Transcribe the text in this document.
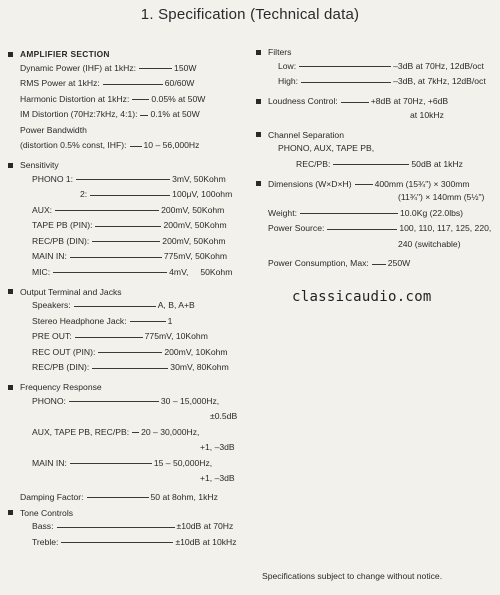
1. Specification (Technical data)
AMPLIFIER SECTION
Dynamic Power (IHF) at 1kHz:	150W
RMS Power at 1kHz:	60/60W
Harmonic Distortion at 1kHz:	0.05% at 50W
IM Distortion (70Hz:7kHz, 4:1): 0.1% at 50W
Power Bandwidth
(distortion 0.5% const, IHF): 10 – 56,000Hz
Sensitivity
PHONO 1:	3mV, 50Kohm
2:	100μV, 100ohm
AUX:	200mV, 50Kohm
TAPE PB (PIN):	200mV, 50Kohm
REC/PB (DIN):	200mV, 50Kohm
MAIN IN:	775mV, 50Kohm
MIC:	4mV,     50Kohm
Output Terminal and Jacks
Speakers:	A, B, A+B
Stereo Headphone Jack:	1
PRE OUT:	775mV, 10Kohm
REC OUT (PIN):	200mV, 10Kohm
REC/PB (DIN):	30mV, 80Kohm
Frequency Response
PHONO:	30 – 15,000Hz,
±0.5dB
AUX, TAPE PB, REC/PB: 20 – 30,000Hz,
+1, –3dB
MAIN IN:	15 – 50,000Hz,
+1, –3dB
Damping Factor:	50 at 8ohm, 1kHz
Tone Controls
Bass:	±10dB at 70Hz
Treble:	±10dB at 10kHz
Filters
Low:	–3dB at 70Hz, 12dB/oct
High:	–3dB, at 7kHz, 12dB/oct
Loudness Control:	+8dB at 70Hz, +6dB
at 10kHz
Channel Separation
PHONO, AUX, TAPE PB,
REC/PB:	50dB at 1kHz
Dimensions (W×D×H)	400mm (15¾") × 300mm
(11¾") × 140mm (5½")
Weight:	10.0Kg (22.0lbs)
Power Source:	100, 110, 117, 125, 220,
240 (switchable)
Power Consumption, Max: 250W
classicaudio.com
Specifications subject to change without notice.
